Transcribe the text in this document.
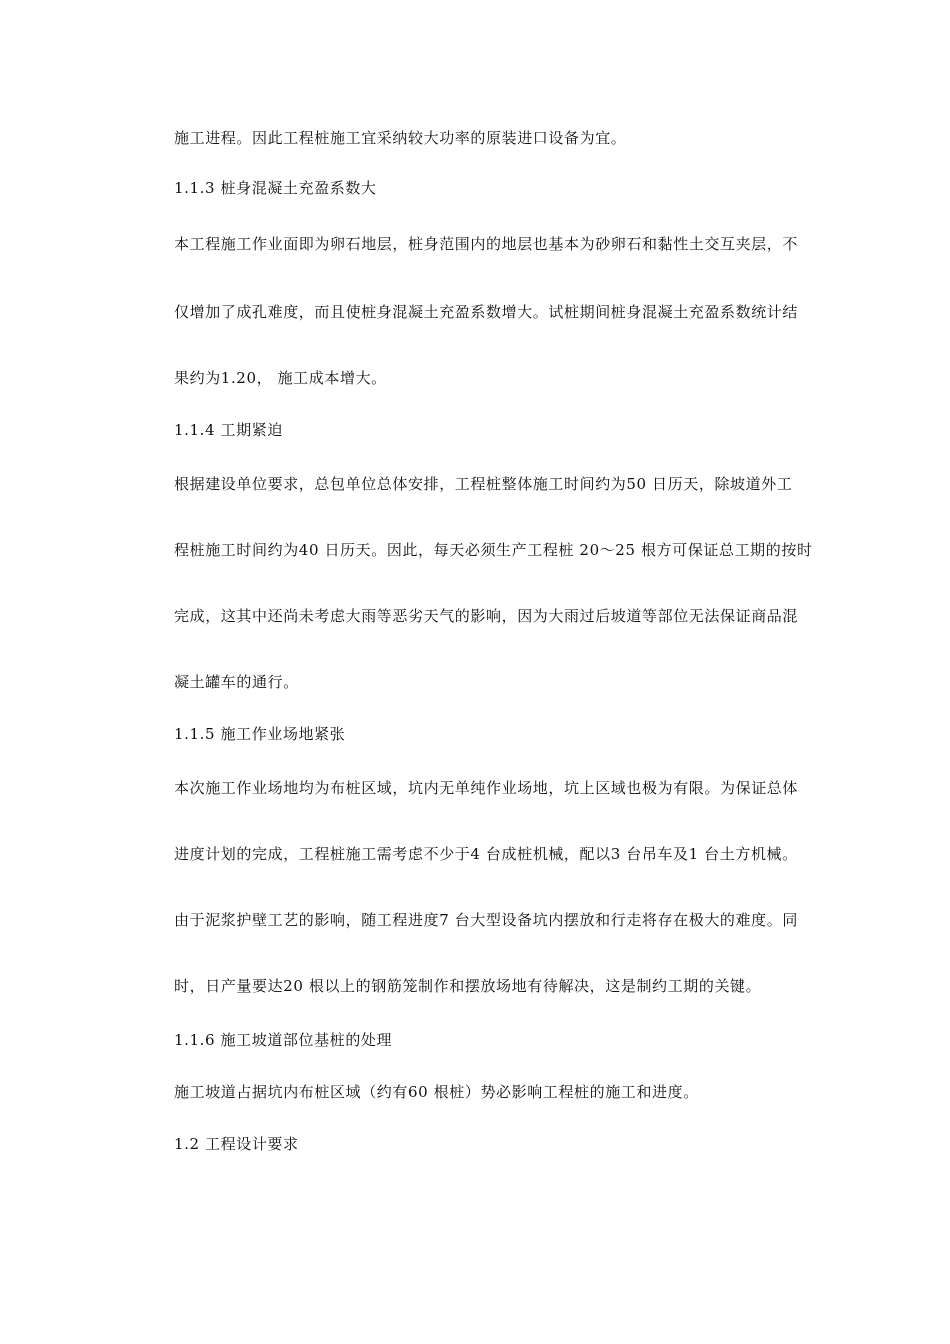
施工进程。因此工程桩施工宜采纳较大功率的原装进口设备为宜。
1.1.3 桩身混凝土充盈系数大
本工程施工作业面即为卵石地层，桩身范围内的地层也基本为砂卵石和黏性土交互夹层，不
仅增加了成孔难度，而且使桩身混凝土充盈系数增大。试桩期间桩身混凝土充盈系数统计结
果约为1.20， 施工成本增大。
1.1.4 工期紧迫
根据建设单位要求，总包单位总体安排，工程桩整体施工时间约为50 日历天，除坡道外工
程桩施工时间约为40 日历天。因此，每天必须生产工程桩 20～25 根方可保证总工期的按时
完成，这其中还尚未考虑大雨等恶劣天气的影响，因为大雨过后坡道等部位无法保证商品混
凝土罐车的通行。
1.1.5 施工作业场地紧张
本次施工作业场地均为布桩区域，坑内无单纯作业场地，坑上区域也极为有限。为保证总体
进度计划的完成，工程桩施工需考虑不少于4 台成桩机械，配以3 台吊车及1 台土方机械。
由于泥浆护壁工艺的影响，随工程进度7 台大型设备坑内摆放和行走将存在极大的难度。同
时，日产量要达20 根以上的钢筋笼制作和摆放场地有待解决，这是制约工期的关键。
1.1.6 施工坡道部位基桩的处理
施工坡道占据坑内布桩区域（约有60 根桩）势必影响工程桩的施工和进度。
1.2 工程设计要求
